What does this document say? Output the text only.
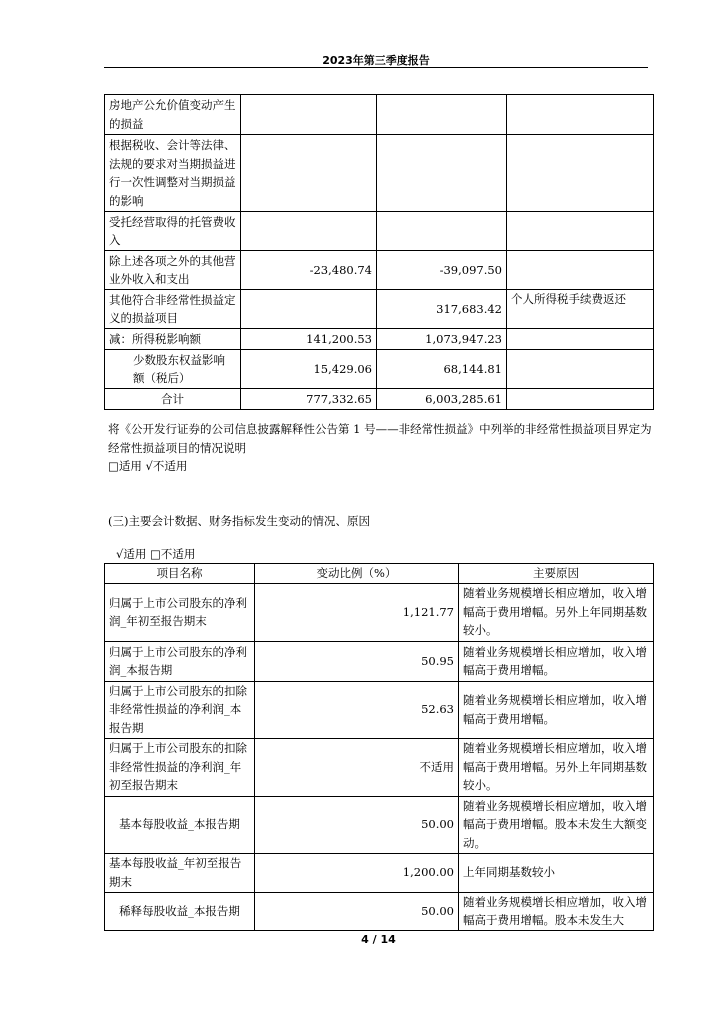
2023年第三季度报告
房地产公允价值变动产生的损益			
根据税收、会计等法律、法规的要求对当期损益进行一次性调整对当期损益的影响			
受托经营取得的托管费收入			
除上述各项之外的其他营业外收入和支出	-23,480.74	-39,097.50	
其他符合非经常性损益定义的损益项目		317,683.42	个人所得税手续费返还
减：所得税影响额	141,200.53	1,073,947.23	
少数股东权益影响额（税后）	15,429.06	68,144.81	
合计	777,332.65	6,003,285.61	
将《公开发行证券的公司信息披露解释性公告第 1 号——非经常性损益》中列举的非经常性损益项目界定为经常性损益项目的情况说明
□适用 √不适用
(三)主要会计数据、财务指标发生变动的情况、原因
√适用 □不适用
项目名称	变动比例（%）	主要原因
归属于上市公司股东的净利润_年初至报告期末	1,121.77	随着业务规模增长相应增加，收入增幅高于费用增幅。另外上年同期基数较小。
归属于上市公司股东的净利润_本报告期	50.95	随着业务规模增长相应增加，收入增幅高于费用增幅。
归属于上市公司股东的扣除非经常性损益的净利润_本报告期	52.63	随着业务规模增长相应增加，收入增幅高于费用增幅。
归属于上市公司股东的扣除非经常性损益的净利润_年初至报告期末	不适用	随着业务规模增长相应增加，收入增幅高于费用增幅。另外上年同期基数较小。
基本每股收益_本报告期	50.00	随着业务规模增长相应增加，收入增幅高于费用增幅。股本未发生大额变动。
基本每股收益_年初至报告期末	1,200.00	上年同期基数较小
稀释每股收益_本报告期	50.00	随着业务规模增长相应增加，收入增幅高于费用增幅。股本未发生大
4 / 14
